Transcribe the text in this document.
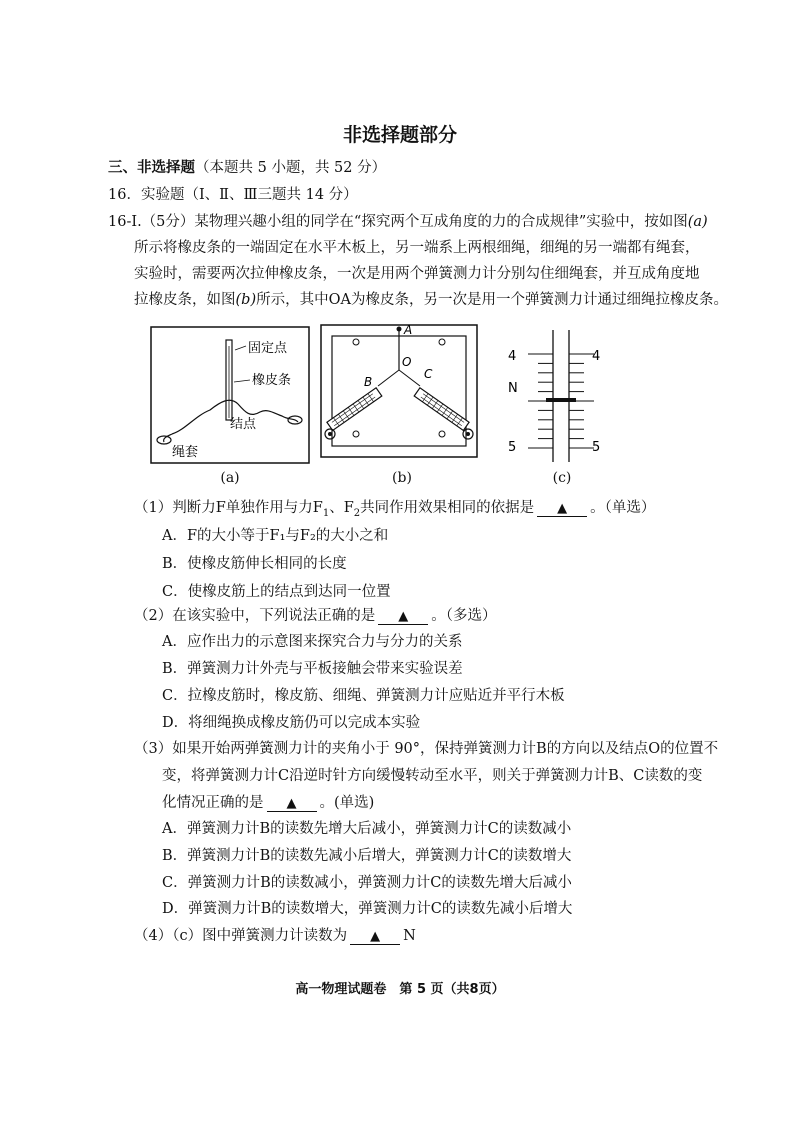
非选择题部分
三、非选择题（本题共 5 小题，共 52 分）
16．实验题（Ⅰ、Ⅱ、Ⅲ三题共 14 分）
16-Ⅰ.（5分）某物理兴趣小组的同学在“探究两个互成角度的力的合成规律”实验中，按如图(a)
所示将橡皮条的一端固定在水平木板上，另一端系上两根细绳，细绳的另一端都有绳套，
实验时，需要两次拉伸橡皮条，一次是用两个弹簧测力计分别勾住细绳套，并互成角度地
拉橡皮条，如图(b)所示，其中OA为橡皮条，另一次是用一个弹簧测力计通过细绳拉橡皮条。
固定点
橡皮条
结点
绳套
(a)
A
O
B
C
(b)
4	4
N
5	5
(c)
（1）判断力F单独作用与力$F_1$、$F_2$共同作用效果相同的依据是 ▲ 。（单选）
A．F的大小等于F₁与F₂的大小之和
B．使橡皮筋伸长相同的长度
C．使橡皮筋上的结点到达同一位置
（2）在该实验中，下列说法正确的是 ▲ 。（多选）
A．应作出力的示意图来探究合力与分力的关系
B．弹簧测力计外壳与平板接触会带来实验误差
C．拉橡皮筋时，橡皮筋、细绳、弹簧测力计应贴近并平行木板
D．将细绳换成橡皮筋仍可以完成本实验
（3）如果开始两弹簧测力计的夹角小于 90°，保持弹簧测力计B的方向以及结点O的位置不
变，将弹簧测力计C沿逆时针方向缓慢转动至水平，则关于弹簧测力计B、C读数的变
化情况正确的是 ▲ 。(单选)
A．弹簧测力计B的读数先增大后减小，弹簧测力计C的读数减小
B．弹簧测力计B的读数先减小后增大，弹簧测力计C的读数增大
C．弹簧测力计B的读数减小，弹簧测力计C的读数先增大后减小
D．弹簧测力计B的读数增大，弹簧测力计C的读数先减小后增大
（4）（c）图中弹簧测力计读数为 ▲ N
高一物理试题卷　第 5 页（共8页）
